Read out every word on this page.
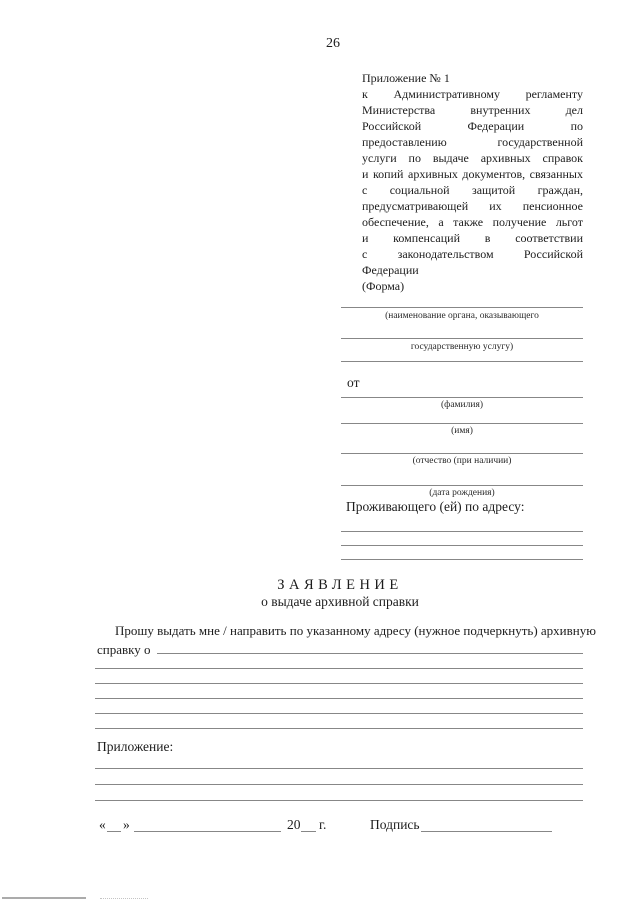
26
Приложение № 1
к Административному регламенту
Министерства внутренних дел
Российской Федерации по
предоставлению государственной
услуги по выдаче архивных справок
и копий архивных документов, связанных
с социальной защитой граждан,
предусматривающей их пенсионное
обеспечение, а также получение льгот
и компенсаций в соответствии
с законодательством Российской
Федерации
(Форма)
(наименование органа, оказывающего
государственную услугу)
от
(фамилия)
(имя)
(отчество (при наличии)
(дата рождения)
Проживающего (ей) по адресу:
ЗАЯВЛЕНИЕ
о выдаче архивной справки
Прошу выдать мне / направить по указанному адресу (нужное подчеркнуть) архивную
справку о
Приложение:
« »	20 г.	Подпись
